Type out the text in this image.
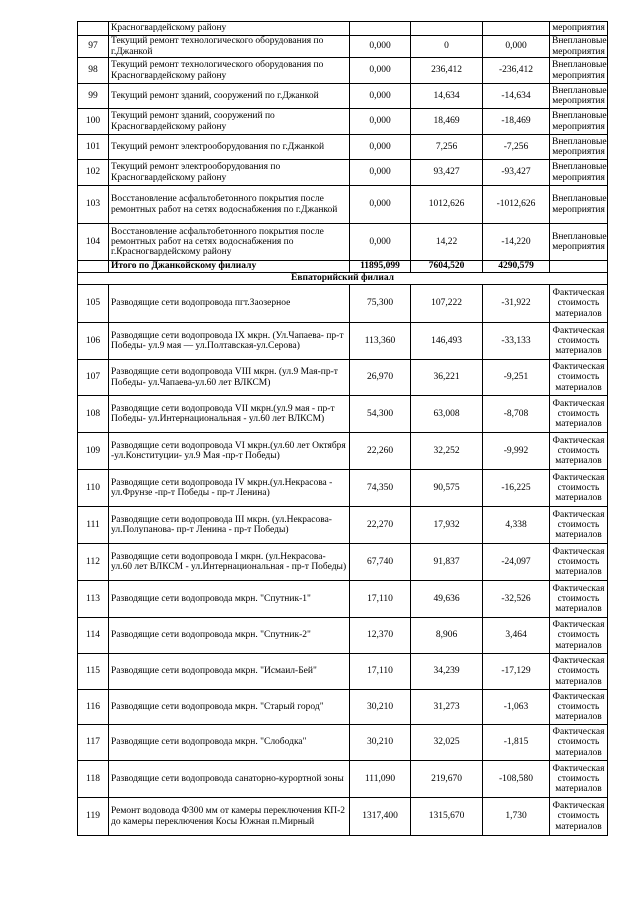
	Красногвардейскому району				мероприятия
97	Текущий ремонт технологического оборудования по г.Джанкой	0,000	0	0,000	Внеплановые мероприятия
98	Текущий ремонт технологического оборудования по Красногвардейскому району	0,000	236,412	-236,412	Внеплановые мероприятия
99	Текущий ремонт зданий, сооружений по г.Джанкой	0,000	14,634	-14,634	Внеплановые мероприятия
100	Текущий ремонт зданий, сооружений по Красногвардейскому району	0,000	18,469	-18,469	Внеплановые мероприятия
101	Текущий ремонт электрооборудования по г.Джанкой	0,000	7,256	-7,256	Внеплановые мероприятия
102	Текущий ремонт электрооборудования по Красногвардейскому району	0,000	93,427	-93,427	Внеплановые мероприятия
103	Восстановление асфальтобетонного покрытия после ремонтных работ на сетях водоснабжения по г.Джанкой	0,000	1012,626	-1012,626	Внеплановые мероприятия
104	Восстановление асфальтобетонного покрытия после ремонтных работ на сетях водоснабжения по г.Красногвардейскому району	0,000	14,22	-14,220	Внеплановые мероприятия
	Итого по Джанкойскому филиалу	11895,099	7604,520	4290,579	
Евпаторийский филиал					
105	Разводящие сети водопровода пгт.Заозерное	75,300	107,222	-31,922	Фактическая стоимость материалов
106	Разводящие сети водопровода IX мкрн. (Ул.Чапаева- пр-т Победы- ул.9 мая — ул.Полтавская-ул.Серова)	113,360	146,493	-33,133	Фактическая стоимость материалов
107	Разводящие сети водопровода VIII мкрн. (ул.9 Мая-пр-т Победы- ул.Чапаева-ул.60 лет ВЛКСМ)	26,970	36,221	-9,251	Фактическая стоимость материалов
108	Разводящие сети водопровода VII мкрн.(ул.9 мая - пр-т Победы- ул.Интернациональная - ул.60 лет ВЛКСМ)	54,300	63,008	-8,708	Фактическая стоимость материалов
109	Разводящие сети водопровода VI мкрн.(ул.60 лет Октября -ул.Конституции- ул.9 Мая -пр-т Победы)	22,260	32,252	-9,992	Фактическая стоимость материалов
110	Разводящие сети водопровода IV мкрн.(ул.Некрасова - ул.Фрунзе -пр-т Победы - пр-т Ленина)	74,350	90,575	-16,225	Фактическая стоимость материалов
111	Разводящие сети водопровода III мкрн. (ул.Некрасова- ул.Полупанова- пр-т Ленина - пр-т Победы)	22,270	17,932	4,338	Фактическая стоимость материалов
112	Разводящие сети водопровода I мкрн. (ул.Некрасова- ул.60 лет ВЛКСМ - ул.Интернациональная - пр-т Победы)	67,740	91,837	-24,097	Фактическая стоимость материалов
113	Разводящие сети водопровода мкрн. "Спутник-1"	17,110	49,636	-32,526	Фактическая стоимость материалов
114	Разводящие сети водопровода мкрн. "Спутник-2"	12,370	8,906	3,464	Фактическая стоимость материалов
115	Разводящие сети водопровода мкрн. "Исмаил-Бей"	17,110	34,239	-17,129	Фактическая стоимость материалов
116	Разводящие сети водопровода мкрн. "Старый город"	30,210	31,273	-1,063	Фактическая стоимость материалов
117	Разводящие сети водопровода мкрн. "Слободка"	30,210	32,025	-1,815	Фактическая стоимость материалов
118	Разводящие сети водопровода санаторно-курортной зоны	111,090	219,670	-108,580	Фактическая стоимость материалов
119	Ремонт водовода Ф300 мм от камеры переключения КП-2 до камеры переключения Косы Южная п.Мирный	1317,400	1315,670	1,730	Фактическая стоимость материалов
